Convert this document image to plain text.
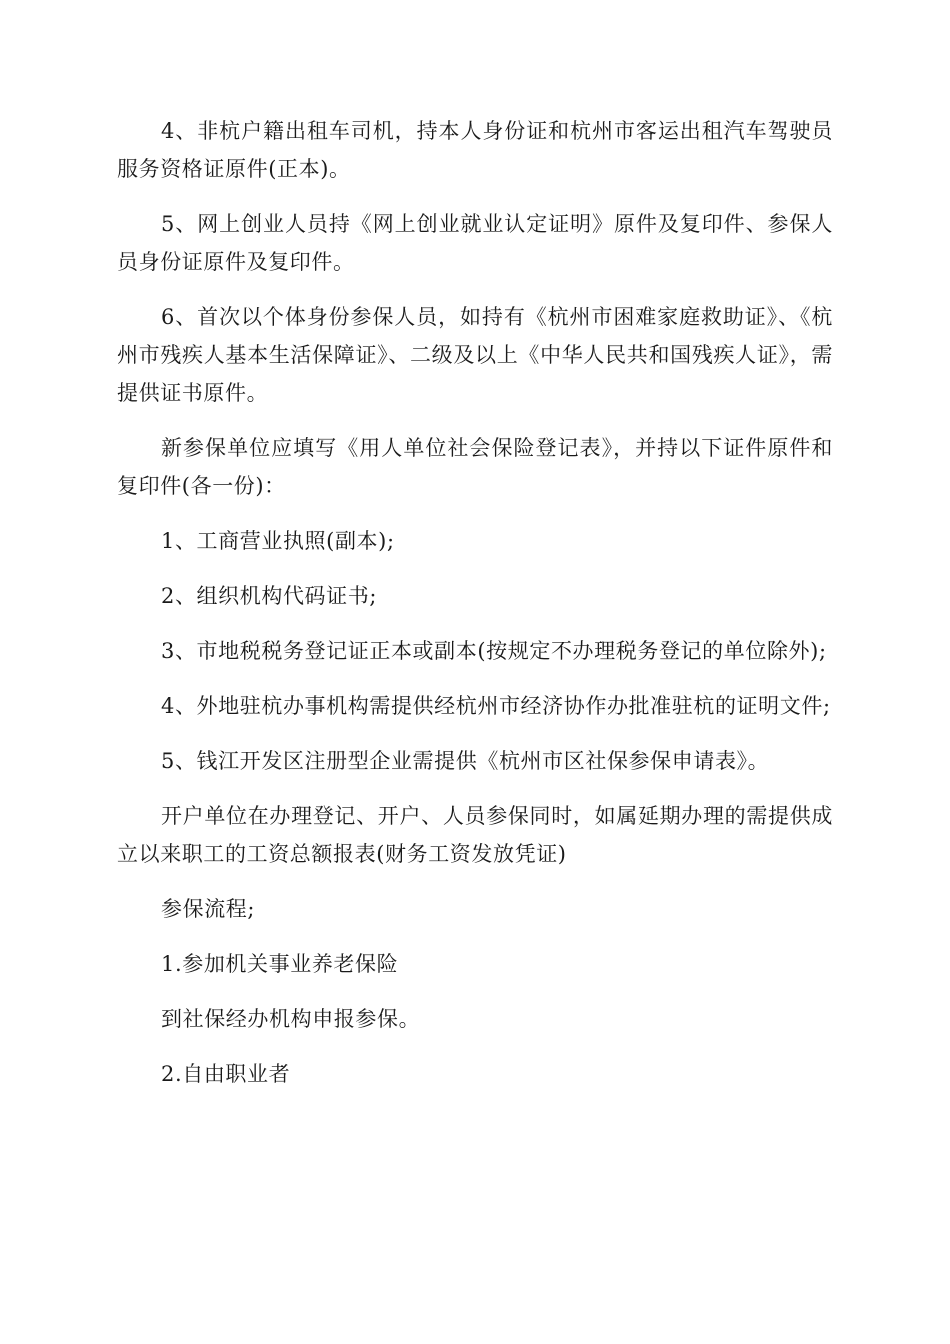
4、非杭户籍出租车司机，持本人身份证和杭州市客运出租汽车驾驶员服务资格证原件(正本)。

5、网上创业人员持《网上创业就业认定证明》原件及复印件、参保人员身份证原件及复印件。

6、首次以个体身份参保人员，如持有《杭州市困难家庭救助证》、《杭州市残疾人基本生活保障证》、二级及以上《中华人民共和国残疾人证》，需提供证书原件。

新参保单位应填写《用人单位社会保险登记表》，并持以下证件原件和复印件(各一份)：

1、工商营业执照(副本);

2、组织机构代码证书;

3、市地税税务登记证正本或副本(按规定不办理税务登记的单位除外);

4、外地驻杭办事机构需提供经杭州市经济协作办批准驻杭的证明文件;

5、钱江开发区注册型企业需提供《杭州市区社保参保申请表》。

开户单位在办理登记、开户、人员参保同时，如属延期办理的需提供成立以来职工的工资总额报表(财务工资发放凭证)

参保流程;

1.参加机关事业养老保险

到社保经办机构申报参保。

2.自由职业者
